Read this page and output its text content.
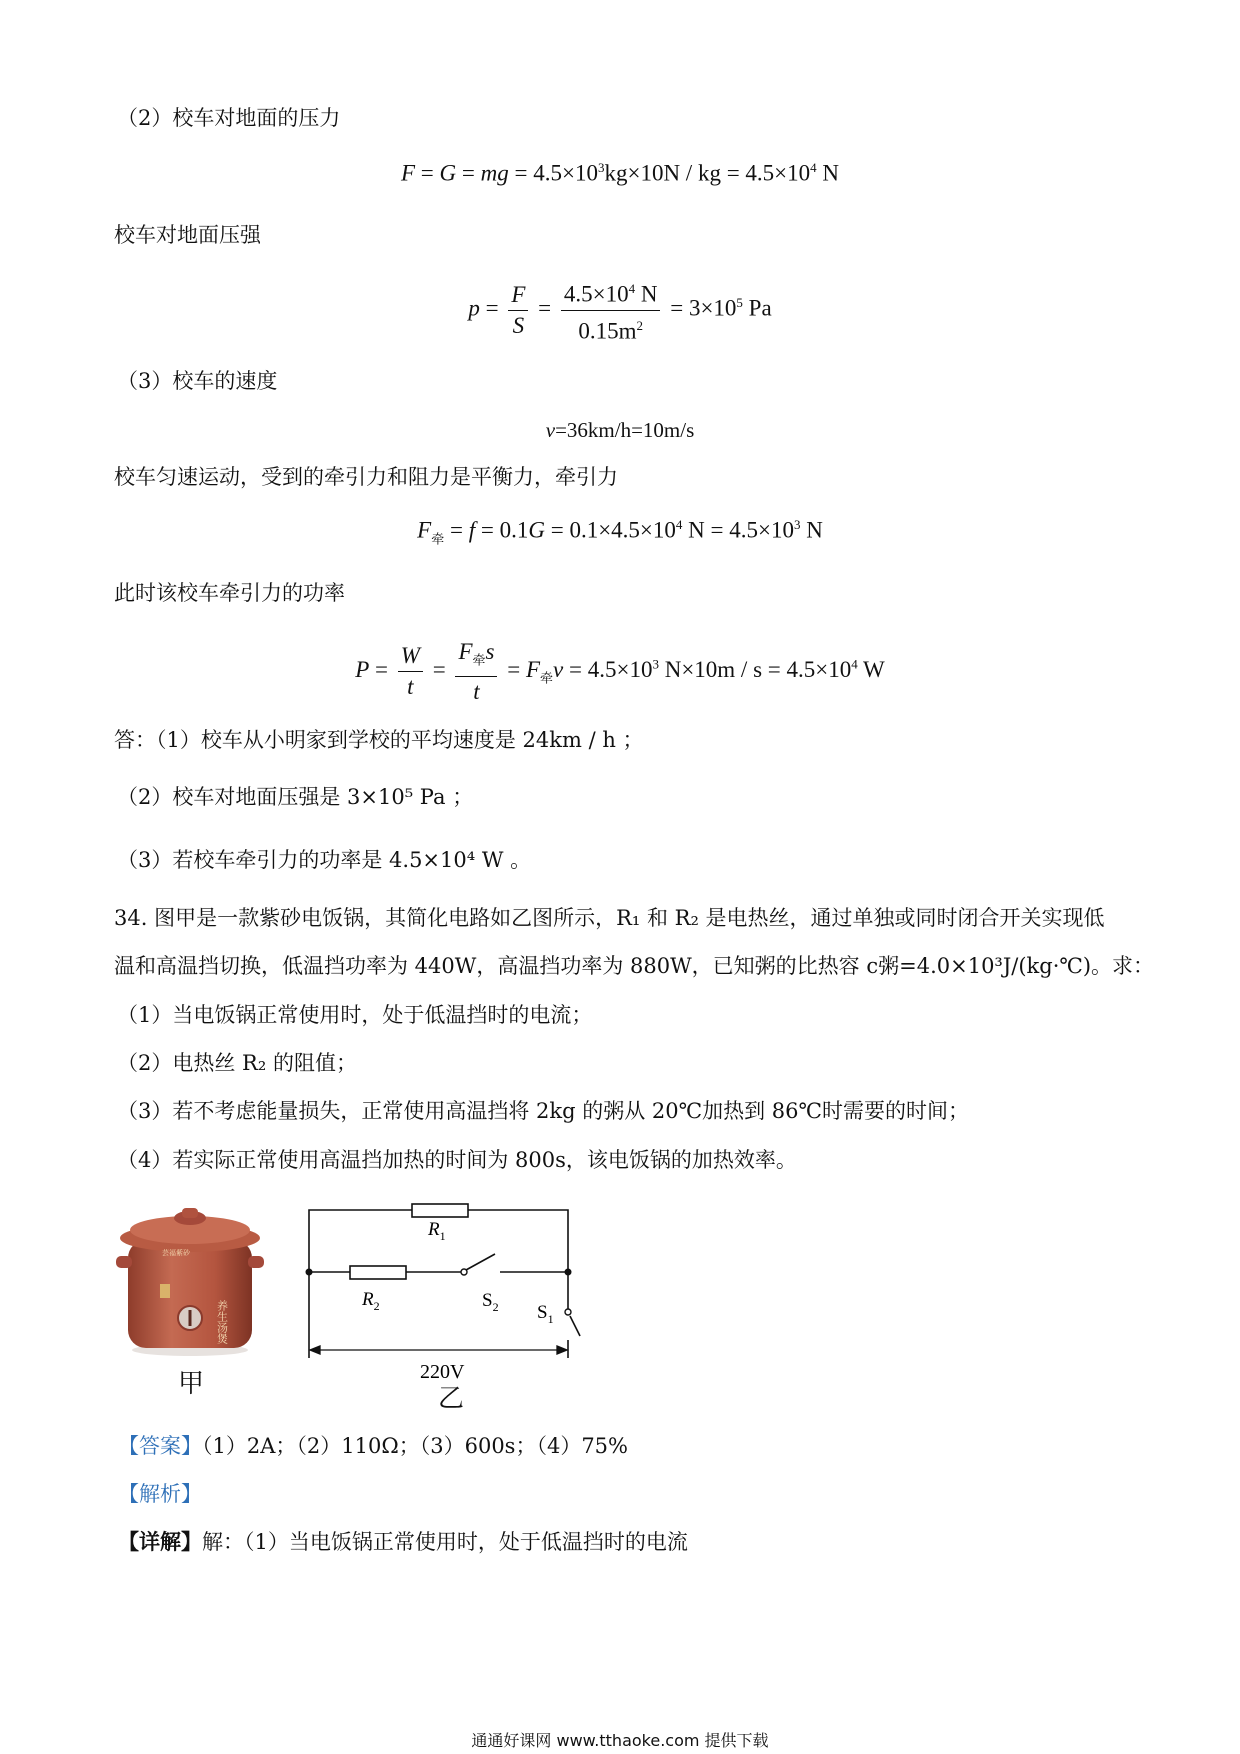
（2）校车对地面的压力
F = G = mg = $4.5\times 10^3kg\times 10N$ / kg = $4.5\times 10^4$ N
校车对地面压强
$p = \frac{F}{S} = \frac{4.5\times 10^4 N}{0.15m^2} = 3\times 10^5$ Pa
（3）校车的速度
v=36km/h=10m/s
校车匀速运动，受到的牵引力和阻力是平衡力，牵引力
$F_牵 = f = 0.1G = 0.1\times 4.5\times 10^4$ $N = 4.5\times 10^3$ N
此时该校车牵引力的功率
$P = \frac{W}{t} = \frac{F_牵s}{t} = F_牵v = 4.5\times 10^3$ $N\times 10m / s = 4.5\times 10^4$ W
答：（1）校车从小明家到学校的平均速度是 24km / h ；
（2）校车对地面压强是 3×10⁵ Pa ；
（3）若校车牵引力的功率是 4.5×10⁴ W 。
34. 图甲是一款紫砂电饭锅，其简化电路如乙图所示，R₁ 和 R₂ 是电热丝，通过单独或同时闭合开关实现低
温和高温挡切换，低温挡功率为 440W，高温挡功率为 880W，已知粥的比热容 c粥=4.0×10³J/(kg·℃)。求：
（1）当电饭锅正常使用时，处于低温挡时的电流；
（2）电热丝 R₂ 的阻值；
（3）若不考虑能量损失，正常使用高温挡将 2kg 的粥从 20℃加热到 86℃时需要的时间；
（4）若实际正常使用高温挡加热的时间为 800s，该电饭锅的加热效率。
芸福紫砂
养生汤煲
甲
$R_1$
$R_2$	$S_2$ $S_1$
220V
乙
【答案】（1）2A；（2）110Ω；（3）600s；（4）75%
【解析】
【详解】解：（1）当电饭锅正常使用时，处于低温挡时的电流
通通好课网 www.tthaoke.com 提供下载
